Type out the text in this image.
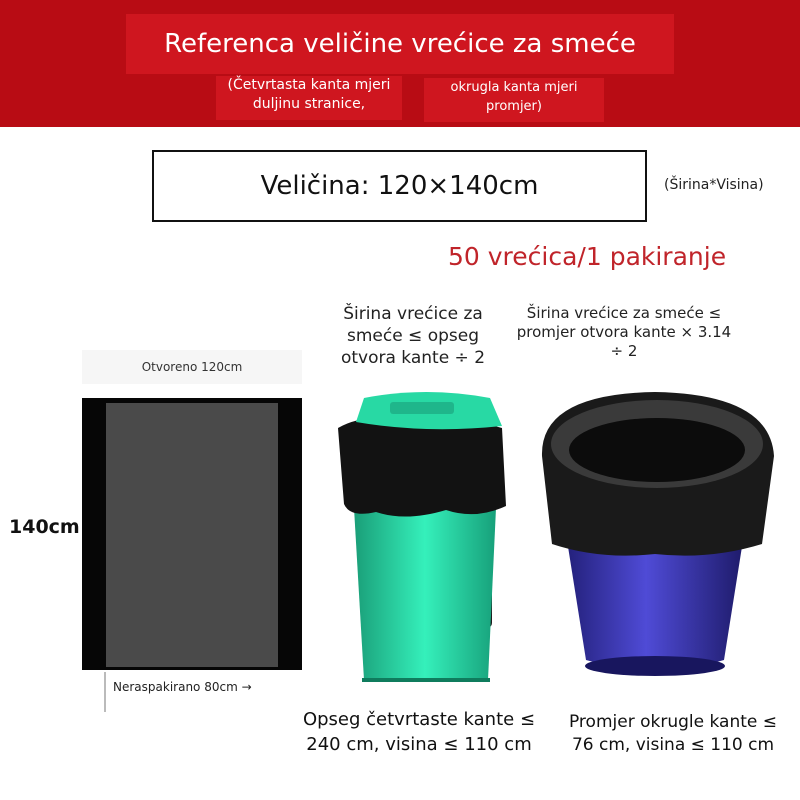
Referenca veličine vrećice za smeće
(Četvrtasta kanta mjeri duljinu stranice,
okrugla kanta mjeri promjer)
Veličina: 120×140cm	(Širina*Visina)
50 vrećica/1 pakiranje
Širina vrećice za smeće ≤ opseg otvora kante ÷ 2
Širina vrećice za smeće ≤ promjer otvora kante × 3.14 ÷ 2
Otvoreno 120cm
140cm
Neraspakirano 80cm →
Opseg četvrtaste kante ≤ 240 cm, visina ≤ 110 cm
Promjer okrugle kante ≤ 76 cm, visina ≤ 110 cm
